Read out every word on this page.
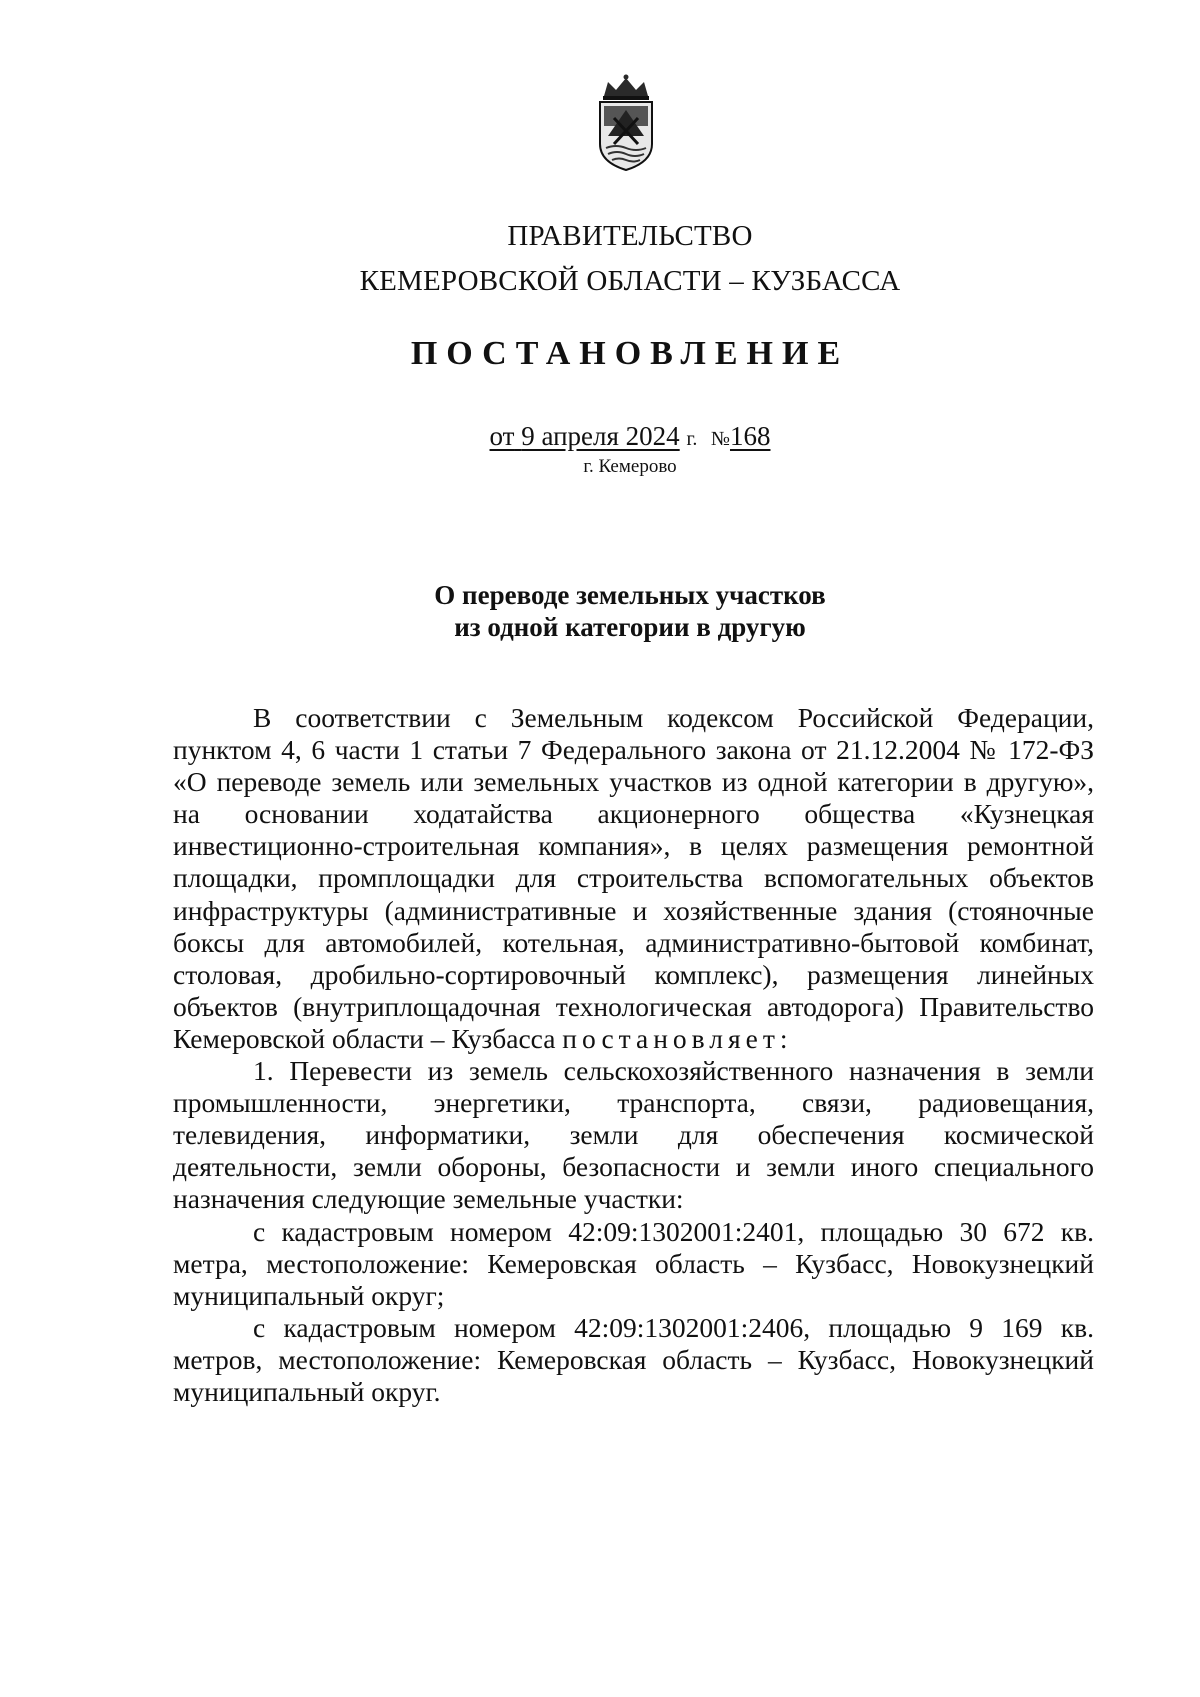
ПРАВИТЕЛЬСТВО
КЕМЕРОВСКОЙ ОБЛАСТИ – КУЗБАССА
ПОСТАНОВЛЕНИЕ
от 9 апреля 2024 г. №168
г. Кемерово
О переводе земельных участков
из одной категории в другую
В соответствии с Земельным кодексом Российской Федерации,
пунктом 4, 6 части 1 статьи 7 Федерального закона от 21.12.2004 № 172-ФЗ
«О переводе земель или земельных участков из одной категории в другую»,
на основании ходатайства акционерного общества «Кузнецкая
инвестиционно-строительная компания», в целях размещения ремонтной
площадки, промплощадки для строительства вспомогательных объектов
инфраструктуры (административные и хозяйственные здания (стояночные
боксы для автомобилей, котельная, административно-бытовой комбинат,
столовая, дробильно-сортировочный комплекс), размещения линейных
объектов (внутриплощадочная технологическая автодорога) Правительство
Кемеровской области – Кузбасса постановляет:
1. Перевести из земель сельскохозяйственного назначения в земли
промышленности, энергетики, транспорта, связи, радиовещания,
телевидения, информатики, земли для обеспечения космической
деятельности, земли обороны, безопасности и земли иного специального
назначения следующие земельные участки:
с кадастровым номером 42:09:1302001:2401, площадью 30 672 кв.
метра, местоположение: Кемеровская область – Кузбасс, Новокузнецкий
муниципальный округ;
с кадастровым номером 42:09:1302001:2406, площадью 9 169 кв.
метров, местоположение: Кемеровская область – Кузбасс, Новокузнецкий
муниципальный округ.
